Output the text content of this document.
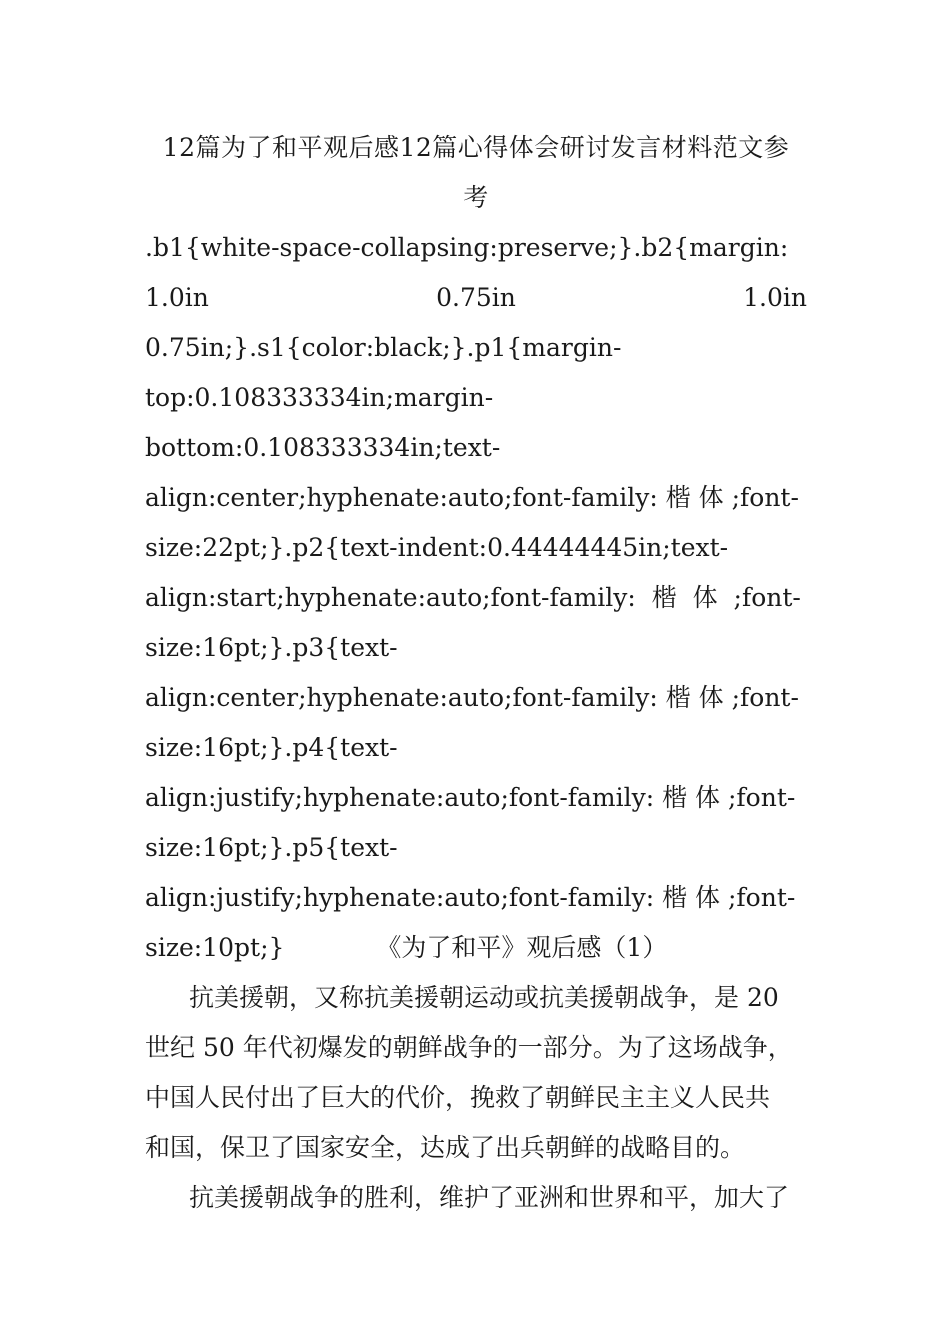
12篇为了和平观后感12篇心得体会研讨发言材料范文参
考
.b1{white-space-collapsing:preserve;}.b2{margin:
1.0in	0.75in	1.0in
0.75in;}.s1{color:black;}.p1{margin-
top:0.108333334in;margin-
bottom:0.108333334in;text-
align:center;hyphenate:auto;font-family: 楷 体 ;font-
size:22pt;}.p2{text-indent:0.44444445in;text-
align:start;hyphenate:auto;font-family:  楷  体  ;font-
size:16pt;}.p3{text-
align:center;hyphenate:auto;font-family: 楷 体 ;font-
size:16pt;}.p4{text-
align:justify;hyphenate:auto;font-family: 楷 体 ;font-
size:16pt;}.p5{text-
align:justify;hyphenate:auto;font-family: 楷 体 ;font-
size:10pt;}	《为了和平》观后感（1）
抗美援朝，又称抗美援朝运动或抗美援朝战争，是 20
世纪 50 年代初爆发的朝鲜战争的一部分。为了这场战争，
中国人民付出了巨大的代价，挽救了朝鲜民主主义人民共
和国，保卫了国家安全，达成了出兵朝鲜的战略目的。
抗美援朝战争的胜利，维护了亚洲和世界和平，加大了
